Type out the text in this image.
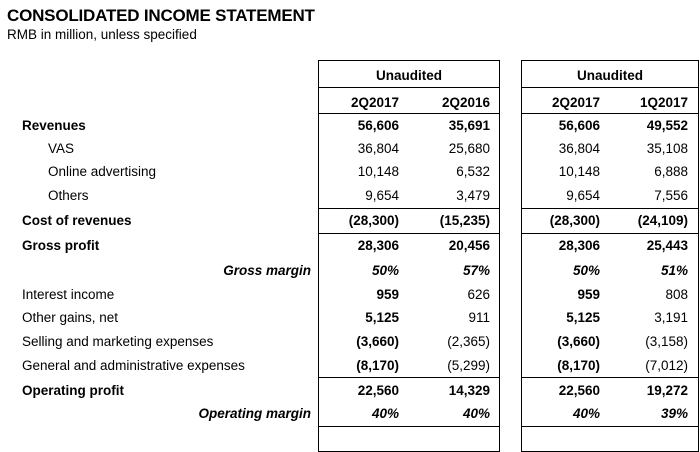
CONSOLIDATED INCOME STATEMENT
RMB in million, unless specified
Unaudited	Unaudited
2Q2017	2Q2016	2Q2017	1Q2017
Revenues	56,606	35,691	56,606	49,552
VAS	36,804	25,680	36,804	35,108
Online advertising	10,148	6,532	10,148	6,888
Others	9,654	3,479	9,654	7,556
Cost of revenues	(28,300)	(15,235)	(28,300)	(24,109)
Gross profit	28,306	20,456	28,306	25,443
Gross margin	50%	57%	50%	51%
Interest income	959	626	959	808
Other gains, net	5,125	911	5,125	3,191
Selling and marketing expenses	(3,660)	(2,365)	(3,660)	(3,158)
General and administrative expenses	(8,170)	(5,299)	(8,170)	(7,012)
Operating profit	22,560	14,329	22,560	19,272
Operating margin	40%	40%	40%	39%
